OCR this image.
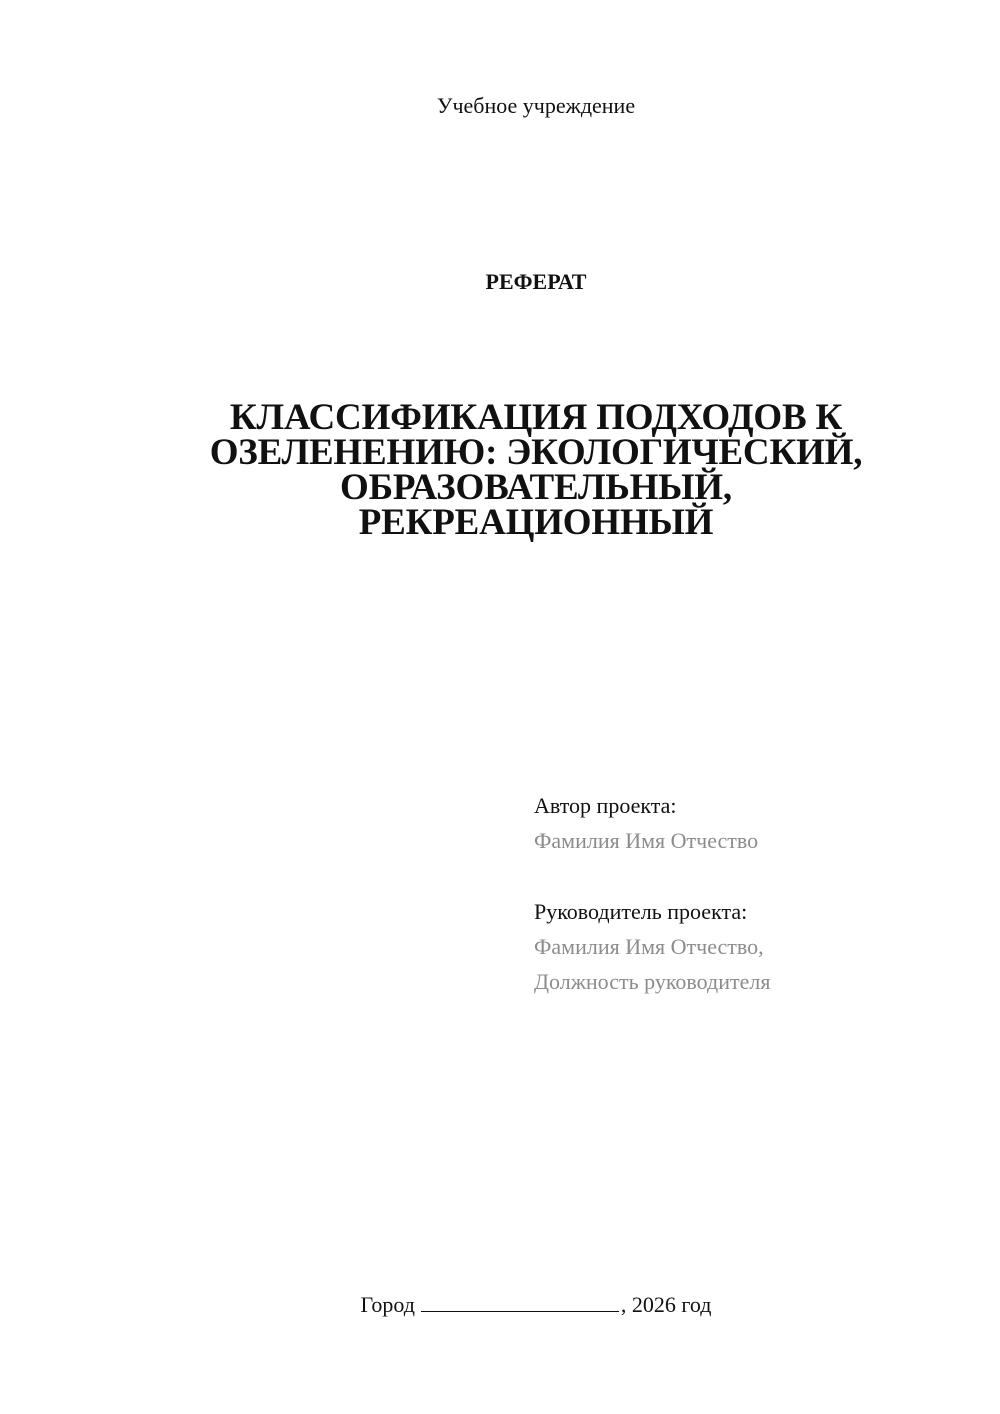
Учебное учреждение
РЕФЕРАТ
КЛАССИФИКАЦИЯ ПОДХОДОВ К
ОЗЕЛЕНЕНИЮ: ЭКОЛОГИЧЕСКИЙ,
ОБРАЗОВАТЕЛЬНЫЙ,
РЕКРЕАЦИОННЫЙ
Автор проекта:
Фамилия Имя Отчество
Руководитель проекта:
Фамилия Имя Отчество,
Должность руководителя
Город	, 2026 год
